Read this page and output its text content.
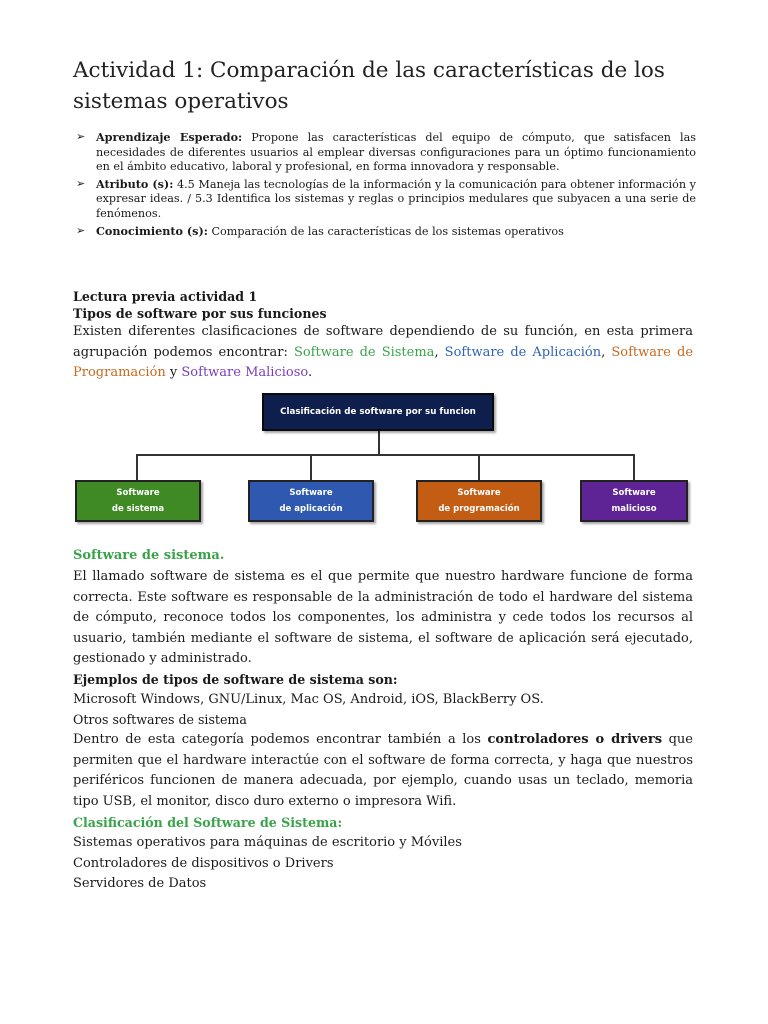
Actividad 1: Comparación de las características de los sistemas operativos
➢ Aprendizaje Esperado: Propone las características del equipo de cómputo, que satisfacen las necesidades de diferentes usuarios al emplear diversas configuraciones para un óptimo funcionamiento en el ámbito educativo, laboral y profesional, en forma innovadora y responsable.
➢ Atributo (s): 4.5 Maneja las tecnologías de la información y la comunicación para obtener información y expresar ideas. / 5.3 Identifica los sistemas y reglas o principios medulares que subyacen a una serie de fenómenos.
➢ Conocimiento (s): Comparación de las características de los sistemas operativos
Lectura previa actividad 1
Tipos de software por sus funciones
Existen diferentes clasificaciones de software dependiendo de su función, en esta primera agrupación podemos encontrar: Software de Sistema, Software de Aplicación, Software de Programación y Software Malicioso.
Clasificación de software por su funcion
Software
de sistema
Software
de aplicación
Software
de programación
Software
malicioso
Software de sistema.
El llamado software de sistema es el que permite que nuestro hardware funcione de forma correcta. Este software es responsable de la administración de todo el hardware del sistema de cómputo, reconoce todos los componentes, los administra y cede todos los recursos al usuario, también mediante el software de sistema, el software de aplicación será ejecutado, gestionado y administrado.
Ejemplos de tipos de software de sistema son:
Microsoft Windows, GNU/Linux, Mac OS, Android, iOS, BlackBerry OS.
Otros softwares de sistema
Dentro de esta categoría podemos encontrar también a los controladores o drivers que permiten que el hardware interactúe con el software de forma correcta, y haga que nuestros periféricos funcionen de manera adecuada, por ejemplo, cuando usas un teclado, memoria tipo USB, el monitor, disco duro externo o impresora Wifi.
Clasificación del Software de Sistema:
Sistemas operativos para máquinas de escritorio y Móviles
Controladores de dispositivos o Drivers
Servidores de Datos
